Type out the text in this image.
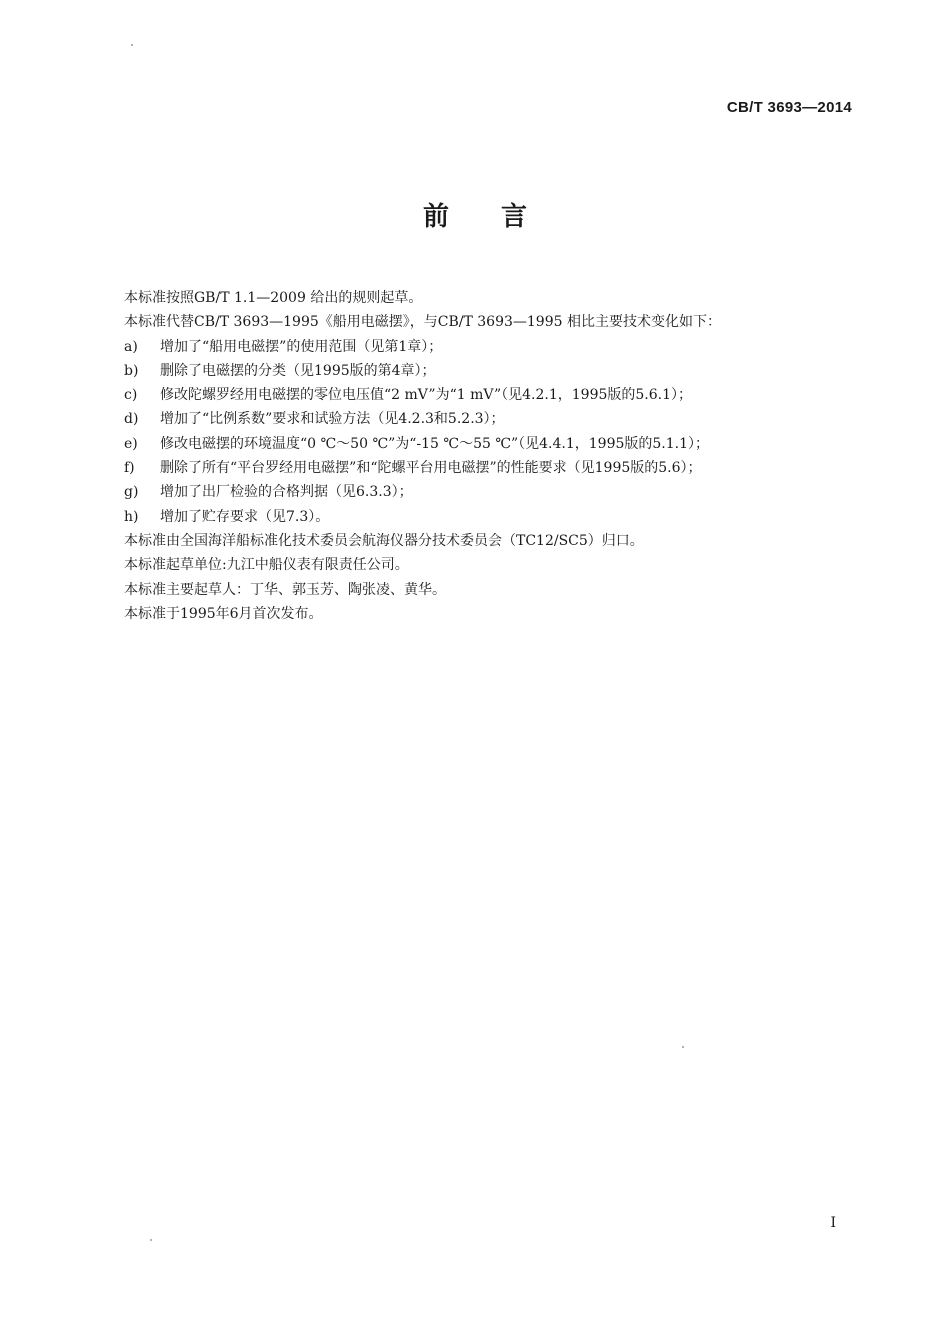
CB/T 3693—2014
前言
本标准按照GB/T 1.1—2009 给出的规则起草。
本标准代替CB/T 3693—1995《船用电磁摆》，与CB/T 3693—1995 相比主要技术变化如下：
a)	增加了“船用电磁摆”的使用范围（见第1章）；
b)	删除了电磁摆的分类（见1995版的第4章）；
c)	修改陀螺罗经用电磁摆的零位电压值“2 mV”为“1 mV”（见4.2.1，1995版的5.6.1）；
d)	增加了“比例系数”要求和试验方法（见4.2.3和5.2.3）；
e)	修改电磁摆的环境温度“0 ℃～50 ℃”为“-15 ℃～55 ℃”（见4.4.1，1995版的5.1.1）；
f)	删除了所有“平台罗经用电磁摆”和“陀螺平台用电磁摆”的性能要求（见1995版的5.6）；
g)	增加了出厂检验的合格判据（见6.3.3）；
h)	增加了贮存要求（见7.3）。
本标准由全国海洋船标准化技术委员会航海仪器分技术委员会（TC12/SC5）归口。
本标准起草单位:九江中船仪表有限责任公司。
本标准主要起草人：丁华、郭玉芳、陶张凌、黄华。
本标准于1995年6月首次发布。
I
